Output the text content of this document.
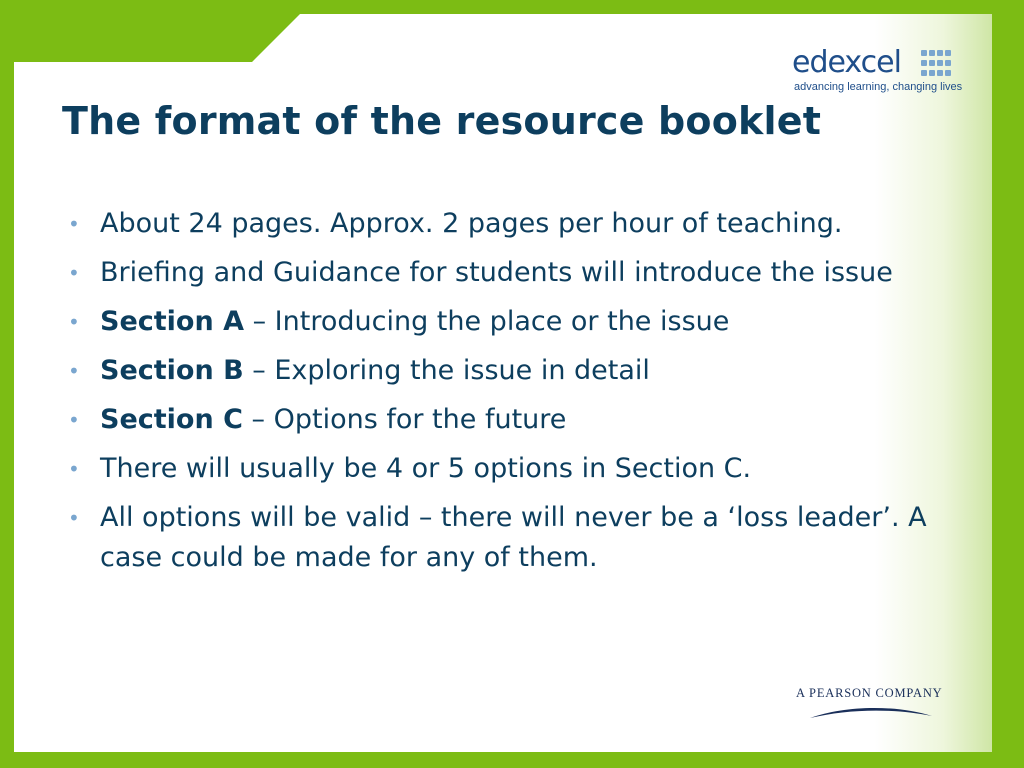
edexcel
advancing learning, changing lives
The format of the resource booklet
• About 24 pages. Approx. 2 pages per hour of teaching.
• Briefing and Guidance for students will introduce the issue
• Section A – Introducing the place or the issue
• Section B – Exploring the issue in detail
• Section C – Options for the future
• There will usually be 4 or 5 options in Section C.
• All options will be valid – there will never be a ‘loss leader’. A case could be made for any of them.
A PEARSON COMPANY
